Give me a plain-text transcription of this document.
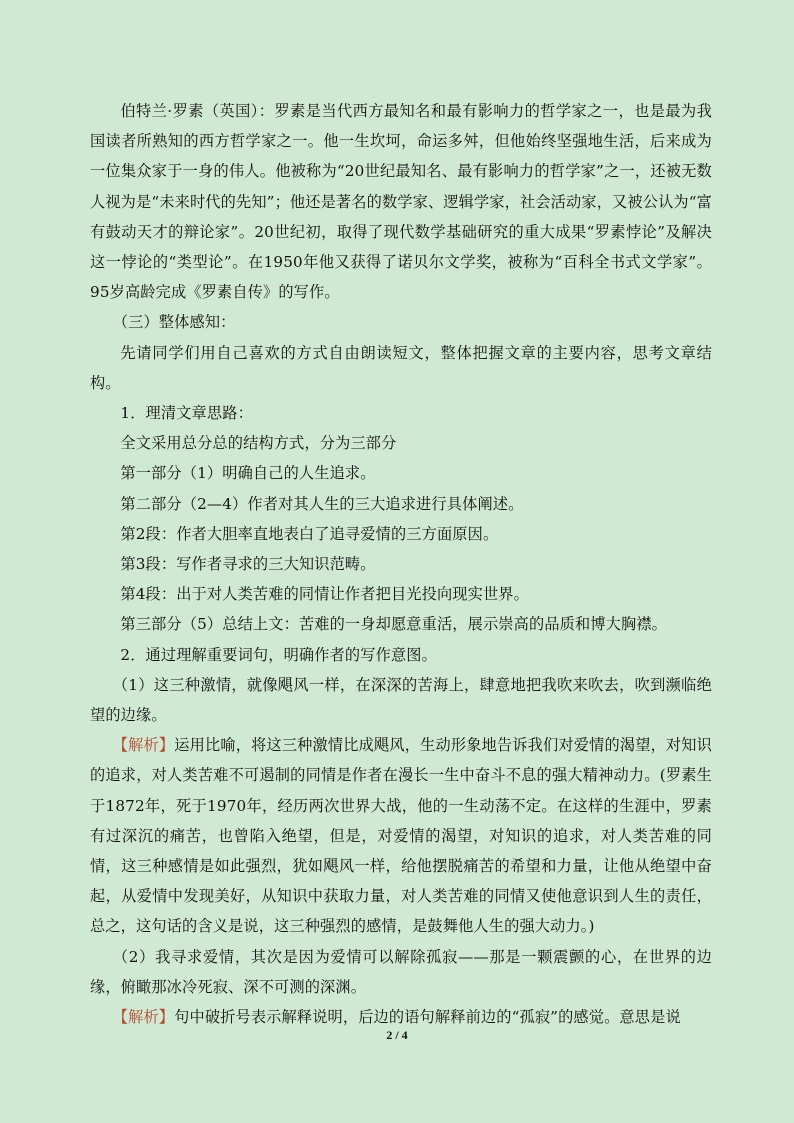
伯特兰·罗素（英国）：罗素是当代西方最知名和最有影响力的哲学家之一，也是最为我国读者所熟知的西方哲学家之一。他一生坎坷，命运多舛，但他始终坚强地生活，后来成为一位集众家于一身的伟人。他被称为“20世纪最知名、最有影响力的哲学家”之一，还被无数人视为是“未来时代的先知”；他还是著名的数学家、逻辑学家，社会活动家，又被公认为“富有鼓动天才的辩论家”。20世纪初，取得了现代数学基础研究的重大成果“罗素悖论”及解决这一悖论的“类型论”。在1950年他又获得了诺贝尔文学奖，被称为“百科全书式文学家”。95岁高龄完成《罗素自传》的写作。

（三）整体感知：

先请同学们用自己喜欢的方式自由朗读短文，整体把握文章的主要内容，思考文章结构。

1．理清文章思路：

全文采用总分总的结构方式，分为三部分

第一部分（1）明确自己的人生追求。

第二部分（2—4）作者对其人生的三大追求进行具体阐述。

第2段：作者大胆率直地表白了追寻爱情的三方面原因。

第3段：写作者寻求的三大知识范畴。

第4段：出于对人类苦难的同情让作者把目光投向现实世界。

第三部分（5）总结上文：苦难的一身却愿意重活，展示崇高的品质和博大胸襟。

2．通过理解重要词句，明确作者的写作意图。

（1）这三种激情，就像飓风一样，在深深的苦海上，肆意地把我吹来吹去，吹到濒临绝望的边缘。

【解析】运用比喻，将这三种激情比成飓风，生动形象地告诉我们对爱情的渴望，对知识的追求，对人类苦难不可遏制的同情是作者在漫长一生中奋斗不息的强大精神动力。(罗素生于1872年，死于1970年，经历两次世界大战，他的一生动荡不定。在这样的生涯中，罗素有过深沉的痛苦，也曾陷入绝望，但是，对爱情的渴望，对知识的追求，对人类苦难的同情，这三种感情是如此强烈，犹如飓风一样，给他摆脱痛苦的希望和力量，让他从绝望中奋起，从爱情中发现美好，从知识中获取力量，对人类苦难的同情又使他意识到人生的责任，总之，这句话的含义是说，这三种强烈的感情，是鼓舞他人生的强大动力。)

（2）我寻求爱情，其次是因为爱情可以解除孤寂——那是一颗震颤的心，在世界的边缘，俯瞰那冰冷死寂、深不可测的深渊。

【解析】句中破折号表示解释说明，后边的语句解释前边的“孤寂”的感觉。意思是说

2 / 4
